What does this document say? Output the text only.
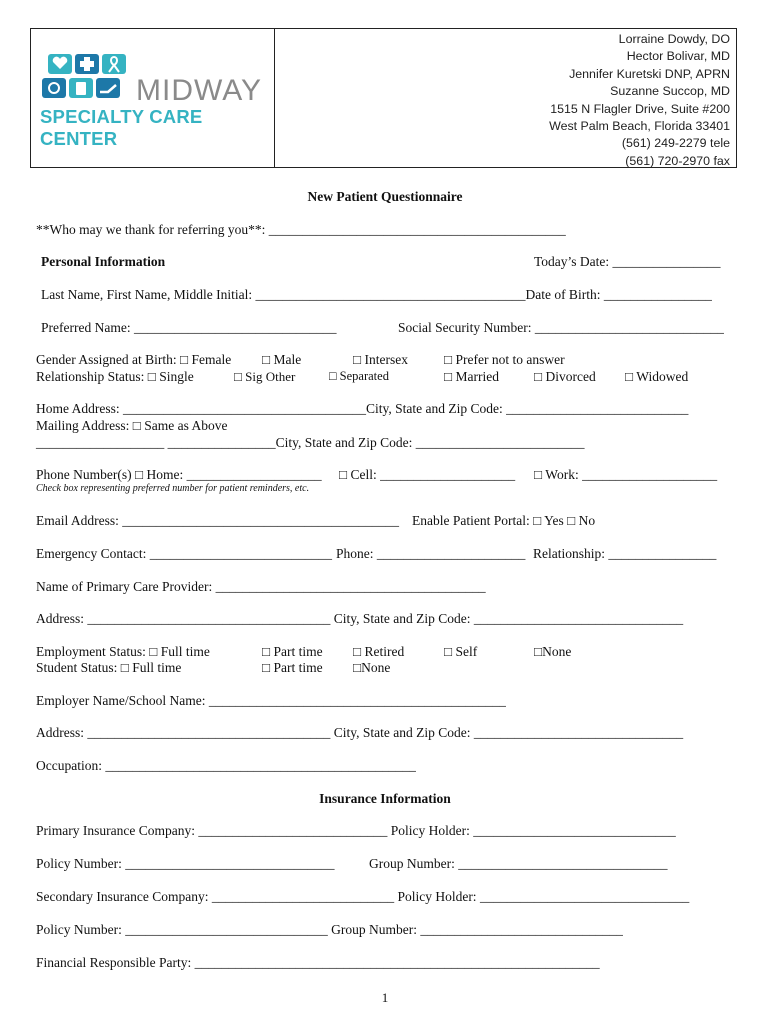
MIDWAY
SPECIALTY CARE CENTER
Lorraine Dowdy, DO
Hector Bolivar, MD
Jennifer Kuretski DNP, APRN
Suzanne Succop, MD
1515 N Flagler Drive, Suite #200
West Palm Beach, Florida 33401
(561) 249-2279 tele
(561) 720-2970 fax
New Patient Questionnaire
**Who may we thank for referring you**: ____________________________________________
Personal Information	Today’s Date: ________________
Last Name, First Name, Middle Initial: ________________________________________Date of Birth: ________________
Preferred Name: ______________________________	Social Security Number: ____________________________
Gender Assigned at Birth: □ Female □ Male	□ Intersex	□ Prefer not to answer
Relationship Status: □ Single	□ Sig Other	□ Separated	□ Married	□ Divorced □ Widowed
Home Address: ____________________________________City, State and Zip Code: ___________________________
Mailing Address: □ Same as Above
___________________ ________________City, State and Zip Code: _________________________
Phone Number(s) □ Home: ____________________ □ Cell: ____________________ □ Work: ____________________
Check box representing preferred number for patient reminders, etc.
Email Address: _________________________________________ Enable Patient Portal: □ Yes □ No
Emergency Contact: ___________________________ Phone: ______________________ Relationship: ________________
Name of Primary Care Provider: ________________________________________
Address: ____________________________________ City, State and Zip Code: _______________________________
Employment Status: □ Full time	□ Part time □ Retired	□ Self	□None
Student Status: □ Full time	□ Part time □None
Employer Name/School Name: ____________________________________________
Address: ____________________________________ City, State and Zip Code: _______________________________
Occupation: ______________________________________________
Insurance Information
Primary Insurance Company: ____________________________ Policy Holder: ______________________________
Policy Number: _______________________________	Group Number: _______________________________
Secondary Insurance Company: ___________________________ Policy Holder: _______________________________
Policy Number: ______________________________ Group Number: ______________________________
Financial Responsible Party: ____________________________________________________________
1
